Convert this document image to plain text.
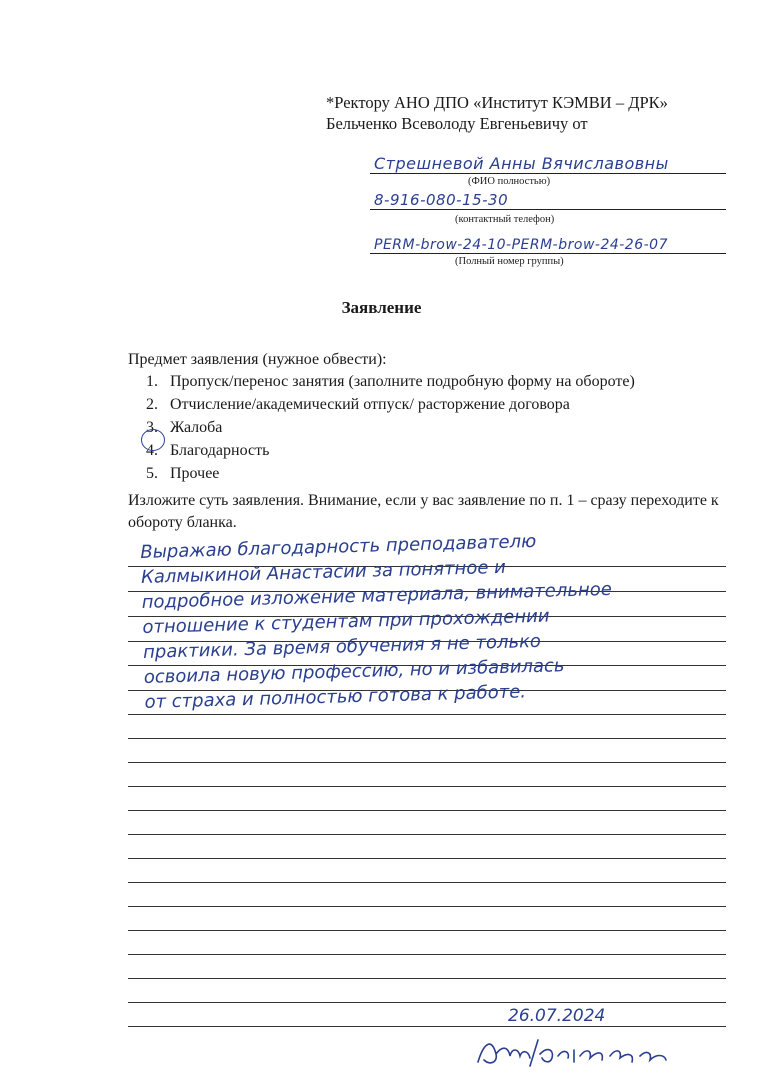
*Ректору АНО ДПО «Институт КЭМВИ – ДРК»
Бельченко Всеволоду Евгеньевичу от
Стрешневой Анны Вячиславовны
(ФИО полностью)
8-916-080-15-30
(контактный телефон)
PERM-brow-24-10-PERM-brow-24-26-07
(Полный номер группы)
Заявление
Предмет заявления (нужное обвести):
1. Пропуск/перенос занятия (заполните подробную форму на обороте)
2. Отчисление/академический отпуск/ расторжение договора
3. Жалоба
4. Благодарность
5. Прочее
Изложите суть заявления. Внимание, если у вас заявление по п. 1 – сразу переходите к обороту бланка.
Выражаю благодарность преподавателю
Калмыкиной Анастасии за понятное и
подробное изложение материала, внимательное
отношение к студентам при прохождении
практики. За время обучения я не только
освоила новую профессию, но и избавилась
от страха и полностью готова к работе.
26.07.2024
